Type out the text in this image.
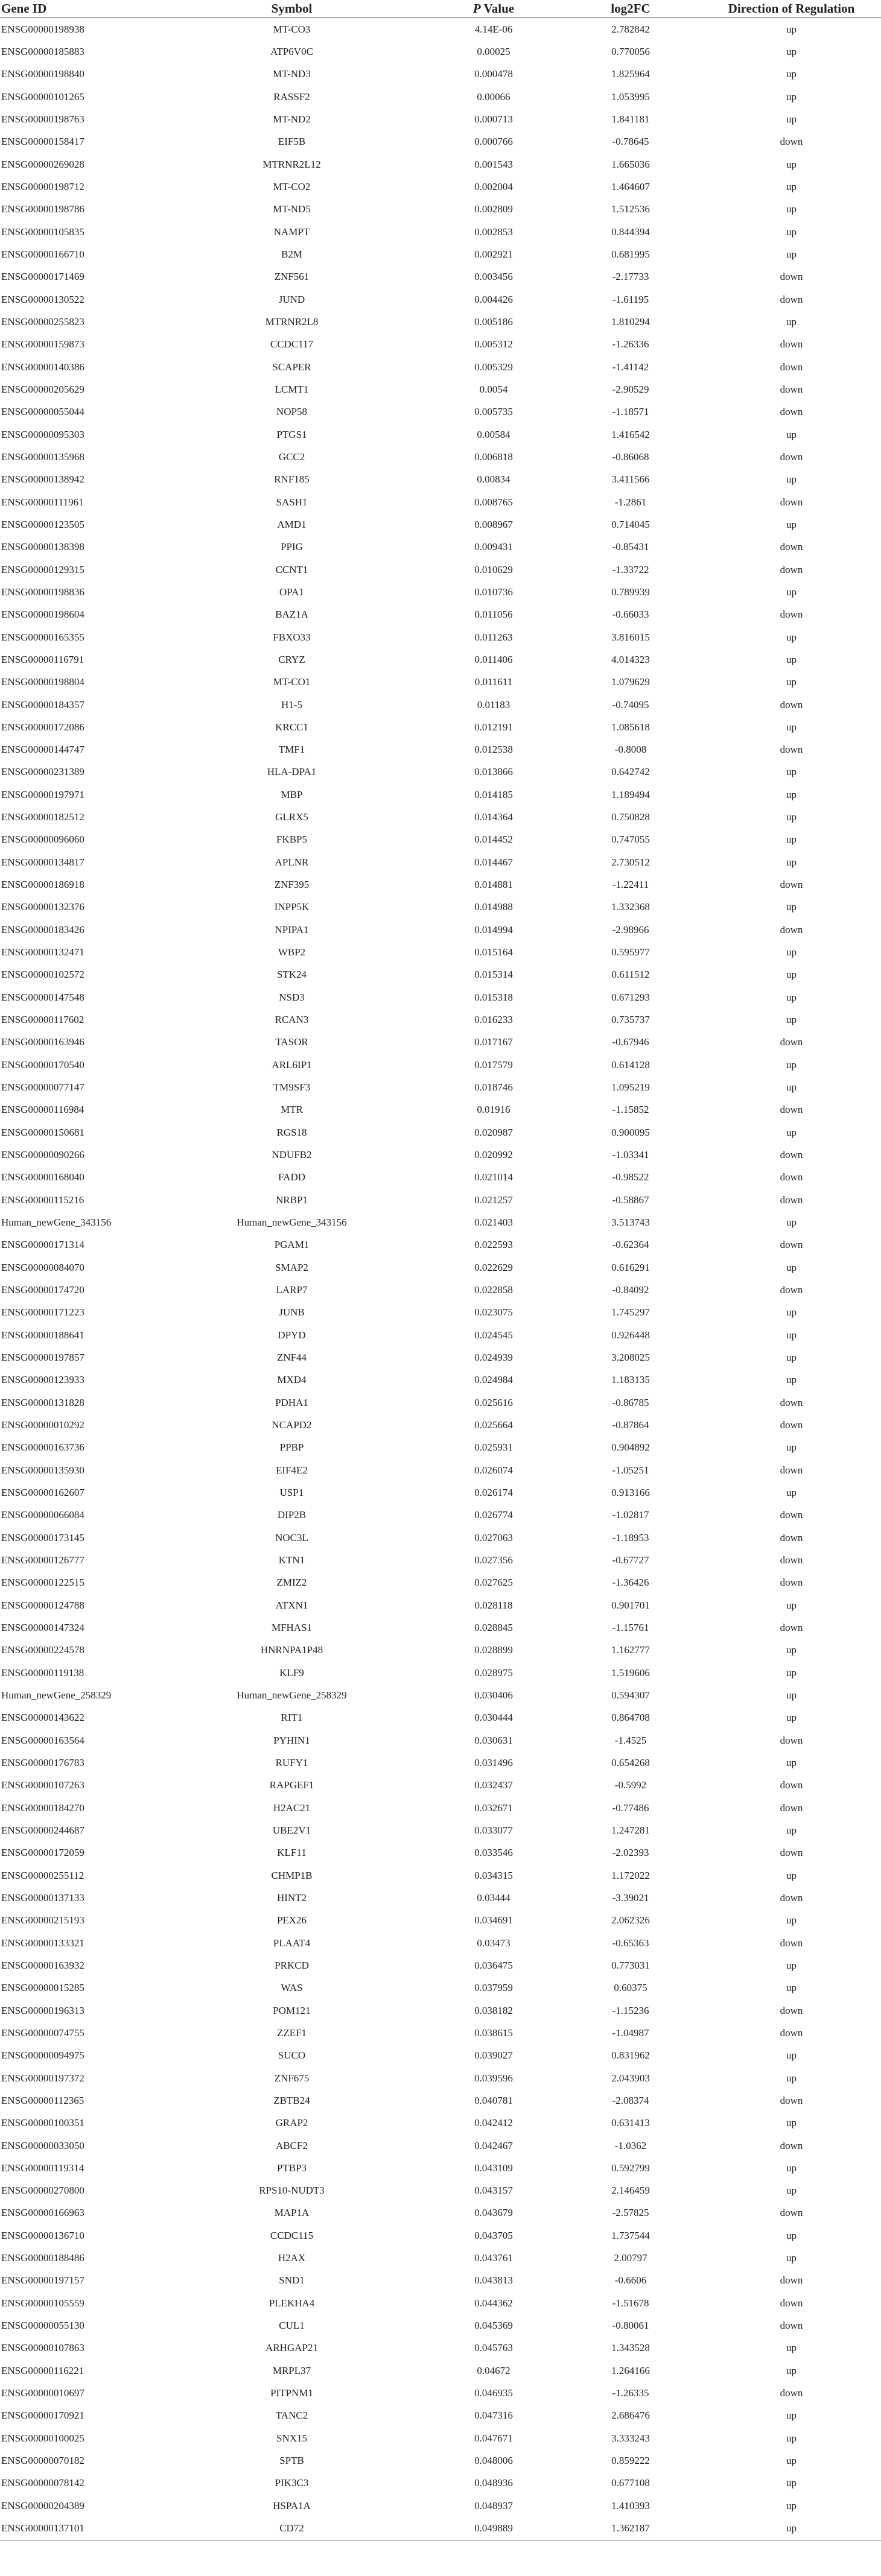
Gene ID	Symbol	P Value	log2FC	Direction of Regulation
ENSG00000198938	MT-CO3	4.14E-06	2.782842	up
ENSG00000185883	ATP6V0C	0.00025	0.770056	up
ENSG00000198840	MT-ND3	0.000478	1.825964	up
ENSG00000101265	RASSF2	0.00066	1.053995	up
ENSG00000198763	MT-ND2	0.000713	1.841181	up
ENSG00000158417	EIF5B	0.000766	-0.78645	down
ENSG00000269028	MTRNR2L12	0.001543	1.665036	up
ENSG00000198712	MT-CO2	0.002004	1.464607	up
ENSG00000198786	MT-ND5	0.002809	1.512536	up
ENSG00000105835	NAMPT	0.002853	0.844394	up
ENSG00000166710	B2M	0.002921	0.681995	up
ENSG00000171469	ZNF561	0.003456	-2.17733	down
ENSG00000130522	JUND	0.004426	-1.61195	down
ENSG00000255823	MTRNR2L8	0.005186	1.810294	up
ENSG00000159873	CCDC117	0.005312	-1.26336	down
ENSG00000140386	SCAPER	0.005329	-1.41142	down
ENSG00000205629	LCMT1	0.0054	-2.90529	down
ENSG00000055044	NOP58	0.005735	-1.18571	down
ENSG00000095303	PTGS1	0.00584	1.416542	up
ENSG00000135968	GCC2	0.006818	-0.86068	down
ENSG00000138942	RNF185	0.00834	3.411566	up
ENSG00000111961	SASH1	0.008765	-1.2861	down
ENSG00000123505	AMD1	0.008967	0.714045	up
ENSG00000138398	PPIG	0.009431	-0.85431	down
ENSG00000129315	CCNT1	0.010629	-1.33722	down
ENSG00000198836	OPA1	0.010736	0.789939	up
ENSG00000198604	BAZ1A	0.011056	-0.66033	down
ENSG00000165355	FBXO33	0.011263	3.816015	up
ENSG00000116791	CRYZ	0.011406	4.014323	up
ENSG00000198804	MT-CO1	0.011611	1.079629	up
ENSG00000184357	H1-5	0.01183	-0.74095	down
ENSG00000172086	KRCC1	0.012191	1.085618	up
ENSG00000144747	TMF1	0.012538	-0.8008	down
ENSG00000231389	HLA-DPA1	0.013866	0.642742	up
ENSG00000197971	MBP	0.014185	1.189494	up
ENSG00000182512	GLRX5	0.014364	0.750828	up
ENSG00000096060	FKBP5	0.014452	0.747055	up
ENSG00000134817	APLNR	0.014467	2.730512	up
ENSG00000186918	ZNF395	0.014881	-1.22411	down
ENSG00000132376	INPP5K	0.014988	1.332368	up
ENSG00000183426	NPIPA1	0.014994	-2.98966	down
ENSG00000132471	WBP2	0.015164	0.595977	up
ENSG00000102572	STK24	0.015314	0.611512	up
ENSG00000147548	NSD3	0.015318	0.671293	up
ENSG00000117602	RCAN3	0.016233	0.735737	up
ENSG00000163946	TASOR	0.017167	-0.67946	down
ENSG00000170540	ARL6IP1	0.017579	0.614128	up
ENSG00000077147	TM9SF3	0.018746	1.095219	up
ENSG00000116984	MTR	0.01916	-1.15852	down
ENSG00000150681	RGS18	0.020987	0.900095	up
ENSG00000090266	NDUFB2	0.020992	-1.03341	down
ENSG00000168040	FADD	0.021014	-0.98522	down
ENSG00000115216	NRBP1	0.021257	-0.58867	down
Human_newGene_343156	Human_newGene_343156	0.021403	3.513743	up
ENSG00000171314	PGAM1	0.022593	-0.62364	down
ENSG00000084070	SMAP2	0.022629	0.616291	up
ENSG00000174720	LARP7	0.022858	-0.84092	down
ENSG00000171223	JUNB	0.023075	1.745297	up
ENSG00000188641	DPYD	0.024545	0.926448	up
ENSG00000197857	ZNF44	0.024939	3.208025	up
ENSG00000123933	MXD4	0.024984	1.183135	up
ENSG00000131828	PDHA1	0.025616	-0.86785	down
ENSG00000010292	NCAPD2	0.025664	-0.87864	down
ENSG00000163736	PPBP	0.025931	0.904892	up
ENSG00000135930	EIF4E2	0.026074	-1.05251	down
ENSG00000162607	USP1	0.026174	0.913166	up
ENSG00000066084	DIP2B	0.026774	-1.02817	down
ENSG00000173145	NOC3L	0.027063	-1.18953	down
ENSG00000126777	KTN1	0.027356	-0.67727	down
ENSG00000122515	ZMIZ2	0.027625	-1.36426	down
ENSG00000124788	ATXN1	0.028118	0.901701	up
ENSG00000147324	MFHAS1	0.028845	-1.15761	down
ENSG00000224578	HNRNPA1P48	0.028899	1.162777	up
ENSG00000119138	KLF9	0.028975	1.519606	up
Human_newGene_258329	Human_newGene_258329	0.030406	0.594307	up
ENSG00000143622	RIT1	0.030444	0.864708	up
ENSG00000163564	PYHIN1	0.030631	-1.4525	down
ENSG00000176783	RUFY1	0.031496	0.654268	up
ENSG00000107263	RAPGEF1	0.032437	-0.5992	down
ENSG00000184270	H2AC21	0.032671	-0.77486	down
ENSG00000244687	UBE2V1	0.033077	1.247281	up
ENSG00000172059	KLF11	0.033546	-2.02393	down
ENSG00000255112	CHMP1B	0.034315	1.172022	up
ENSG00000137133	HINT2	0.03444	-3.39021	down
ENSG00000215193	PEX26	0.034691	2.062326	up
ENSG00000133321	PLAAT4	0.03473	-0.65363	down
ENSG00000163932	PRKCD	0.036475	0.773031	up
ENSG00000015285	WAS	0.037959	0.60375	up
ENSG00000196313	POM121	0.038182	-1.15236	down
ENSG00000074755	ZZEF1	0.038615	-1.04987	down
ENSG00000094975	SUCO	0.039027	0.831962	up
ENSG00000197372	ZNF675	0.039596	2.043903	up
ENSG00000112365	ZBTB24	0.040781	-2.08374	down
ENSG00000100351	GRAP2	0.042412	0.631413	up
ENSG00000033050	ABCF2	0.042467	-1.0362	down
ENSG00000119314	PTBP3	0.043109	0.592799	up
ENSG00000270800	RPS10-NUDT3	0.043157	2.146459	up
ENSG00000166963	MAP1A	0.043679	-2.57825	down
ENSG00000136710	CCDC115	0.043705	1.737544	up
ENSG00000188486	H2AX	0.043761	2.00797	up
ENSG00000197157	SND1	0.043813	-0.6606	down
ENSG00000105559	PLEKHA4	0.044362	-1.51678	down
ENSG00000055130	CUL1	0.045369	-0.80061	down
ENSG00000107863	ARHGAP21	0.045763	1.343528	up
ENSG00000116221	MRPL37	0.04672	1.264166	up
ENSG00000010697	PITPNM1	0.046935	-1.26335	down
ENSG00000170921	TANC2	0.047316	2.686476	up
ENSG00000100025	SNX15	0.047671	3.333243	up
ENSG00000070182	SPTB	0.048006	0.859222	up
ENSG00000078142	PIK3C3	0.048936	0.677108	up
ENSG00000204389	HSPA1A	0.048937	1.410393	up
ENSG00000137101	CD72	0.049889	1.362187	up
